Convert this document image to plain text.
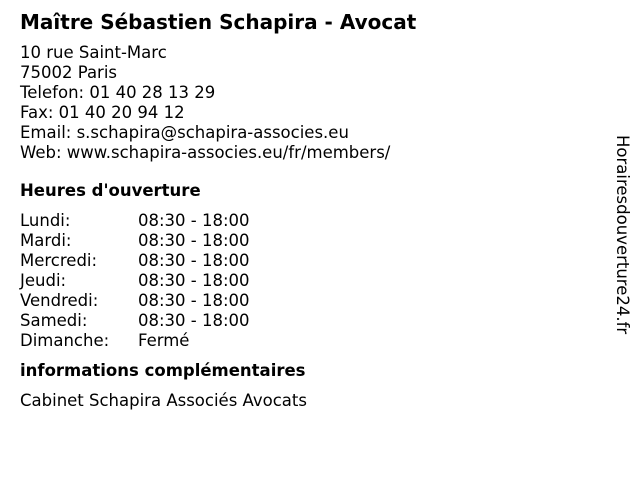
Maître Sébastien Schapira - Avocat
10 rue Saint-Marc
75002 Paris
Telefon: 01 40 28 13 29
Fax: 01 40 20 94 12
Email: s.schapira@schapira-associes.eu
Web: www.schapira-associes.eu/fr/members/
Heures d'ouverture
Lundi:	08:30 - 18:00
Mardi:	08:30 - 18:00
Mercredi:	08:30 - 18:00
Jeudi:	08:30 - 18:00
Vendredi:	08:30 - 18:00
Samedi:	08:30 - 18:00
Dimanche:	Fermé
informations complémentaires
Cabinet Schapira Associés Avocats
Horairesdouverture24.fr
